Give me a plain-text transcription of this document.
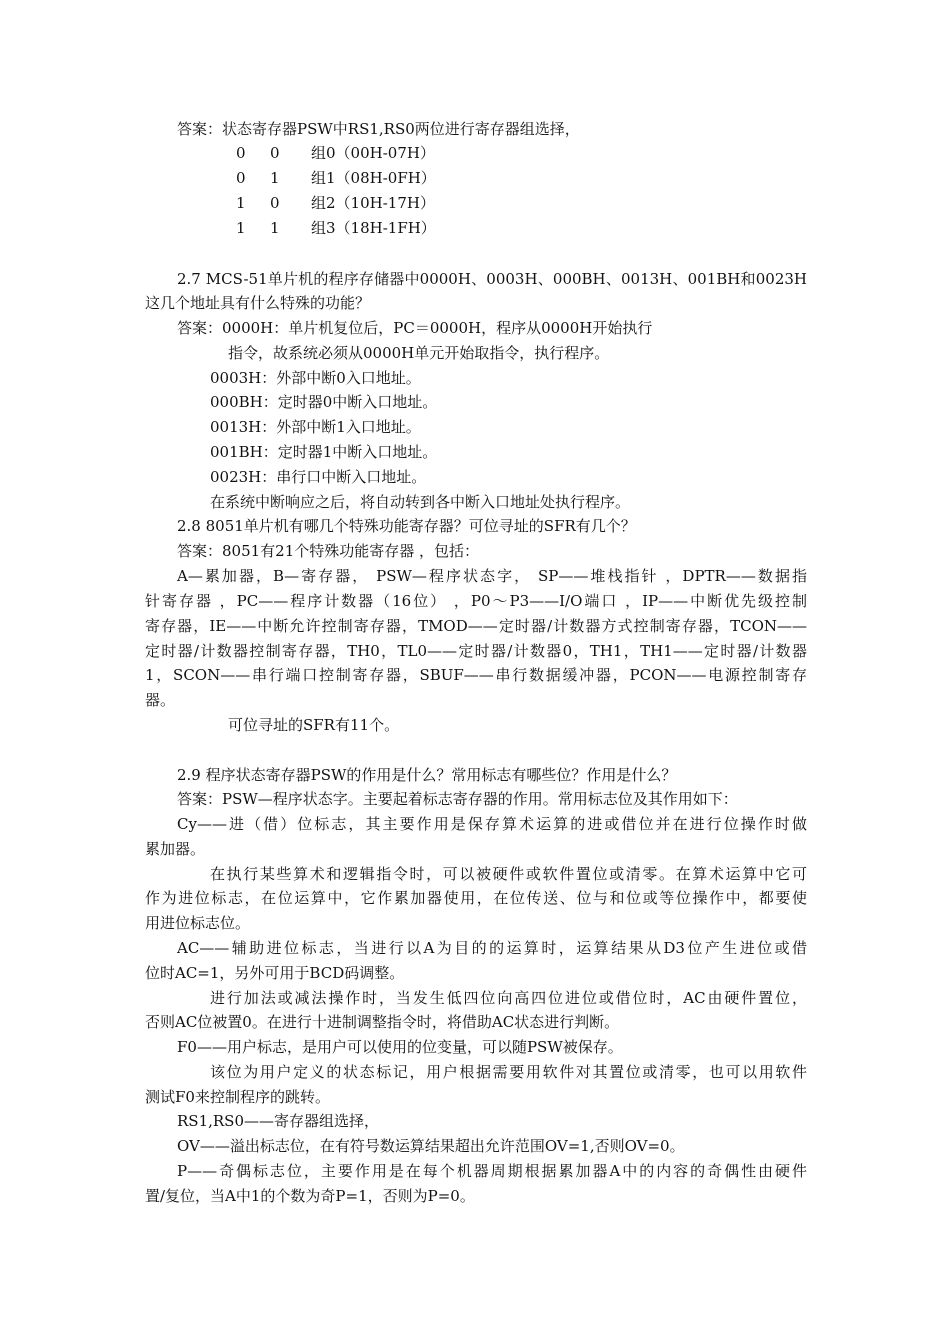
答案：状态寄存器PSW中RS1,RS0两位进行寄存器组选择，
0 0 组0（00H-07H）
0 1 组1（08H-0FH）
1 0 组2（10H-17H）
1 1 组3（18H-1FH）
2.7 MCS-51单片机的程序存储器中0000H、0003H、000BH、0013H、001BH和0023H
这几个地址具有什么特殊的功能？
答案：0000H：单片机复位后，PC＝0000H，程序从0000H开始执行
指令，故系统必须从0000H单元开始取指令，执行程序。
0003H：外部中断0入口地址。
000BH：定时器0中断入口地址。
0013H：外部中断1入口地址。
001BH：定时器1中断入口地址。
0023H：串行口中断入口地址。
在系统中断响应之后，将自动转到各中断入口地址处执行程序。
2.8 8051单片机有哪几个特殊功能寄存器？可位寻址的SFR有几个？
答案：8051有21个特殊功能寄存器 ，包括：
A—累加器，B—寄存器， PSW—程序状态字， SP——堆栈指针 ，DPTR——数据指
针寄存器 ，PC——程序计数器（16位） ，P0～P3——I/O端口 ，IP——中断优先级控制
寄存器，IE——中断允许控制寄存器，TMOD——定时器/计数器方式控制寄存器，TCON——
定时器/计数器控制寄存器，TH0，TL0——定时器/计数器0，TH1，TH1——定时器/计数器
1，SCON——串行端口控制寄存器，SBUF——串行数据缓冲器，PCON——电源控制寄存
器。
可位寻址的SFR有11个。
2.9 程序状态寄存器PSW的作用是什么？常用标志有哪些位？作用是什么？
答案：PSW—程序状态字。主要起着标志寄存器的作用。常用标志位及其作用如下：
Cy——进（借）位标志，其主要作用是保存算术运算的进或借位并在进行位操作时做
累加器。
在执行某些算术和逻辑指令时，可以被硬件或软件置位或清零。在算术运算中它可
作为进位标志，在位运算中，它作累加器使用，在位传送、位与和位或等位操作中，都要使
用进位标志位。
AC——辅助进位标志，当进行以A为目的的运算时，运算结果从D3位产生进位或借
位时AC=1，另外可用于BCD码调整。
进行加法或减法操作时，当发生低四位向高四位进位或借位时，AC由硬件置位，
否则AC位被置0。在进行十进制调整指令时，将借助AC状态进行判断。
F0——用户标志，是用户可以使用的位变量，可以随PSW被保存。
该位为用户定义的状态标记，用户根据需要用软件对其置位或清零，也可以用软件
测试F0来控制程序的跳转。
RS1,RS0——寄存器组选择，
OV——溢出标志位，在有符号数运算结果超出允许范围OV=1,否则OV=0。
P——奇偶标志位，主要作用是在每个机器周期根据累加器A中的内容的奇偶性由硬件
置/复位，当A中1的个数为奇P=1，否则为P=0。
